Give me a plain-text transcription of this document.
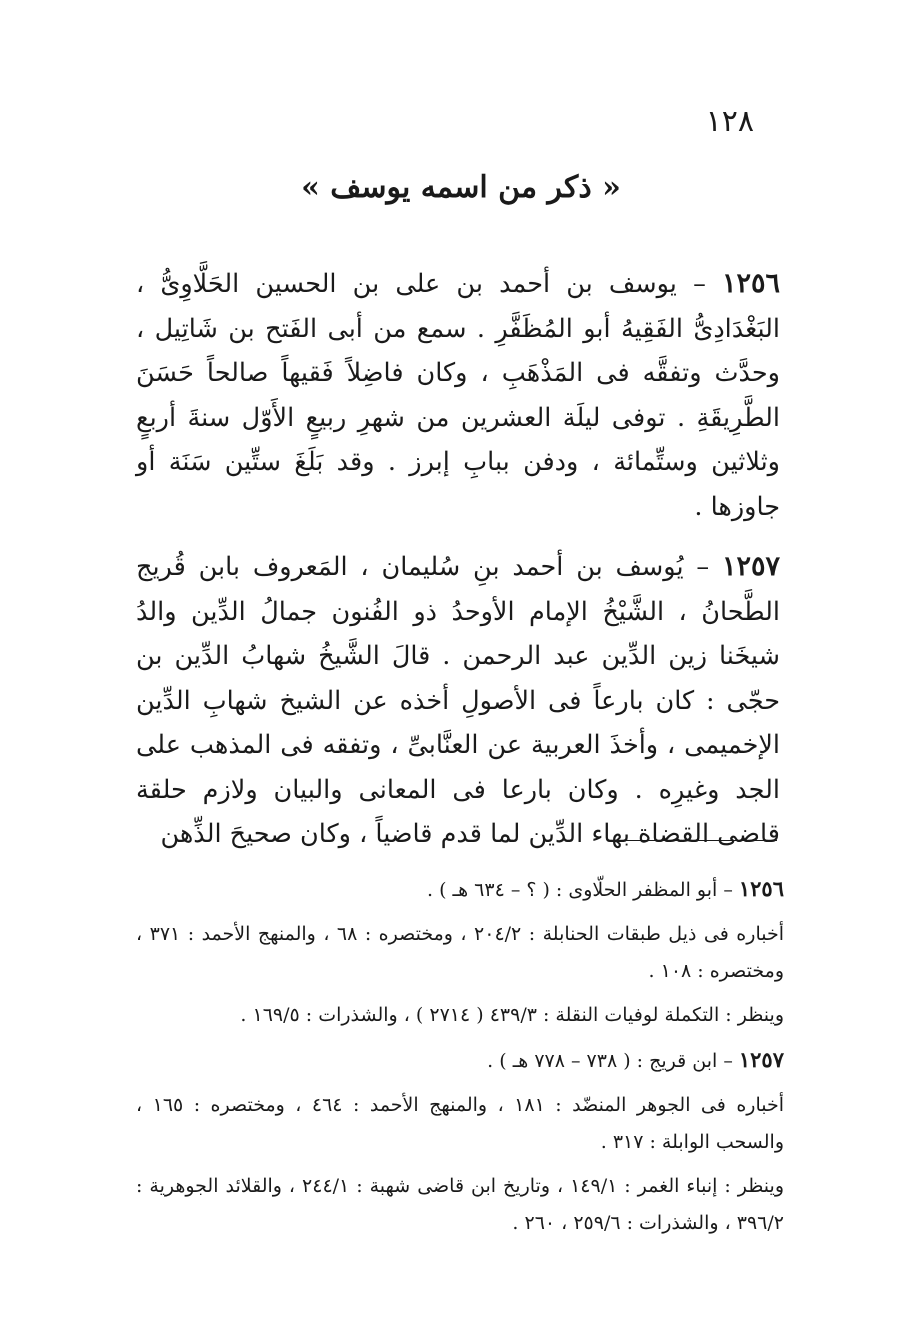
١٢٨
« ذكر من اسمه يوسف »

١٢٥٦ – يوسف بن أحمد بن على بن الحسين الحَلَّاوِىُّ ، البَغْدَادِىُّ الفَقِيهُ أبو المُظَفَّرِ . سمع من أبى الفَتح بن شَاتِيل ، وحدَّث وتفقَّه فى المَذْهَبِ ، وكان فاضِلاً فَقيهاً صالحاً حَسَنَ الطَّرِيقَةِ . توفى ليلَة العشرين من شهرِ ربيعٍ الأَوّل سنةَ أربعٍ وثلاثين وستِّمائة ، ودفن ببابِ إبرز . وقد بَلَغَ ستِّين سَنَة أو جاوزها .

١٢٥٧ – يُوسف بن أحمد بنِ سُليمان ، المَعروف بابن قُريج الطَّحانُ ، الشَّيْخُ الإمام الأوحدُ ذو الفُنون جمالُ الدِّين والدُ شيخَنا زين الدِّين عبد الرحمن . قالَ الشَّيخُ شهابُ الدِّين بن حجّى : كان بارعاً فى الأصولِ أخذه عن الشيخ شهابِ الدِّين الإخميمى ، وأخذَ العربية عن العنَّابىِّ ، وتفقه فى المذهب على الجد وغيرِه . وكان بارعا فى المعانى والبيان ولازم حلقة قاضى القضاة بهاء الدِّين لما قدم قاضياً ، وكان صحيحَ الذِّهن

١٢٥٦ – أبو المظفر الحلّاوى : ( ؟ – ٦٣٤ هـ ) .

أخباره فى ذيل طبقات الحنابلة : ٢٠٤/٢ ، ومختصره : ٦٨ ، والمنهج الأحمد : ٣٧١ ، ومختصره : ١٠٨ .

وينظر : التكملة لوفيات النقلة : ٤٣٩/٣ ( ٢٧١٤ ) ، والشذرات : ١٦٩/٥ .

١٢٥٧ – ابن قريج : ( ٧٣٨ – ٧٧٨ هـ ) .

أخباره فى الجوهر المنضّد : ١٨١ ، والمنهج الأحمد : ٤٦٤ ، ومختصره : ١٦٥ ، والسحب الوابلة : ٣١٧ .

وينظر : إنباء الغمر : ١٤٩/١ ، وتاريخ ابن قاضى شهبة : ٢٤٤/١ ، والقلائد الجوهرية : ٣٩٦/٢ ، والشذرات : ٢٥٩/٦ ، ٢٦٠ .
